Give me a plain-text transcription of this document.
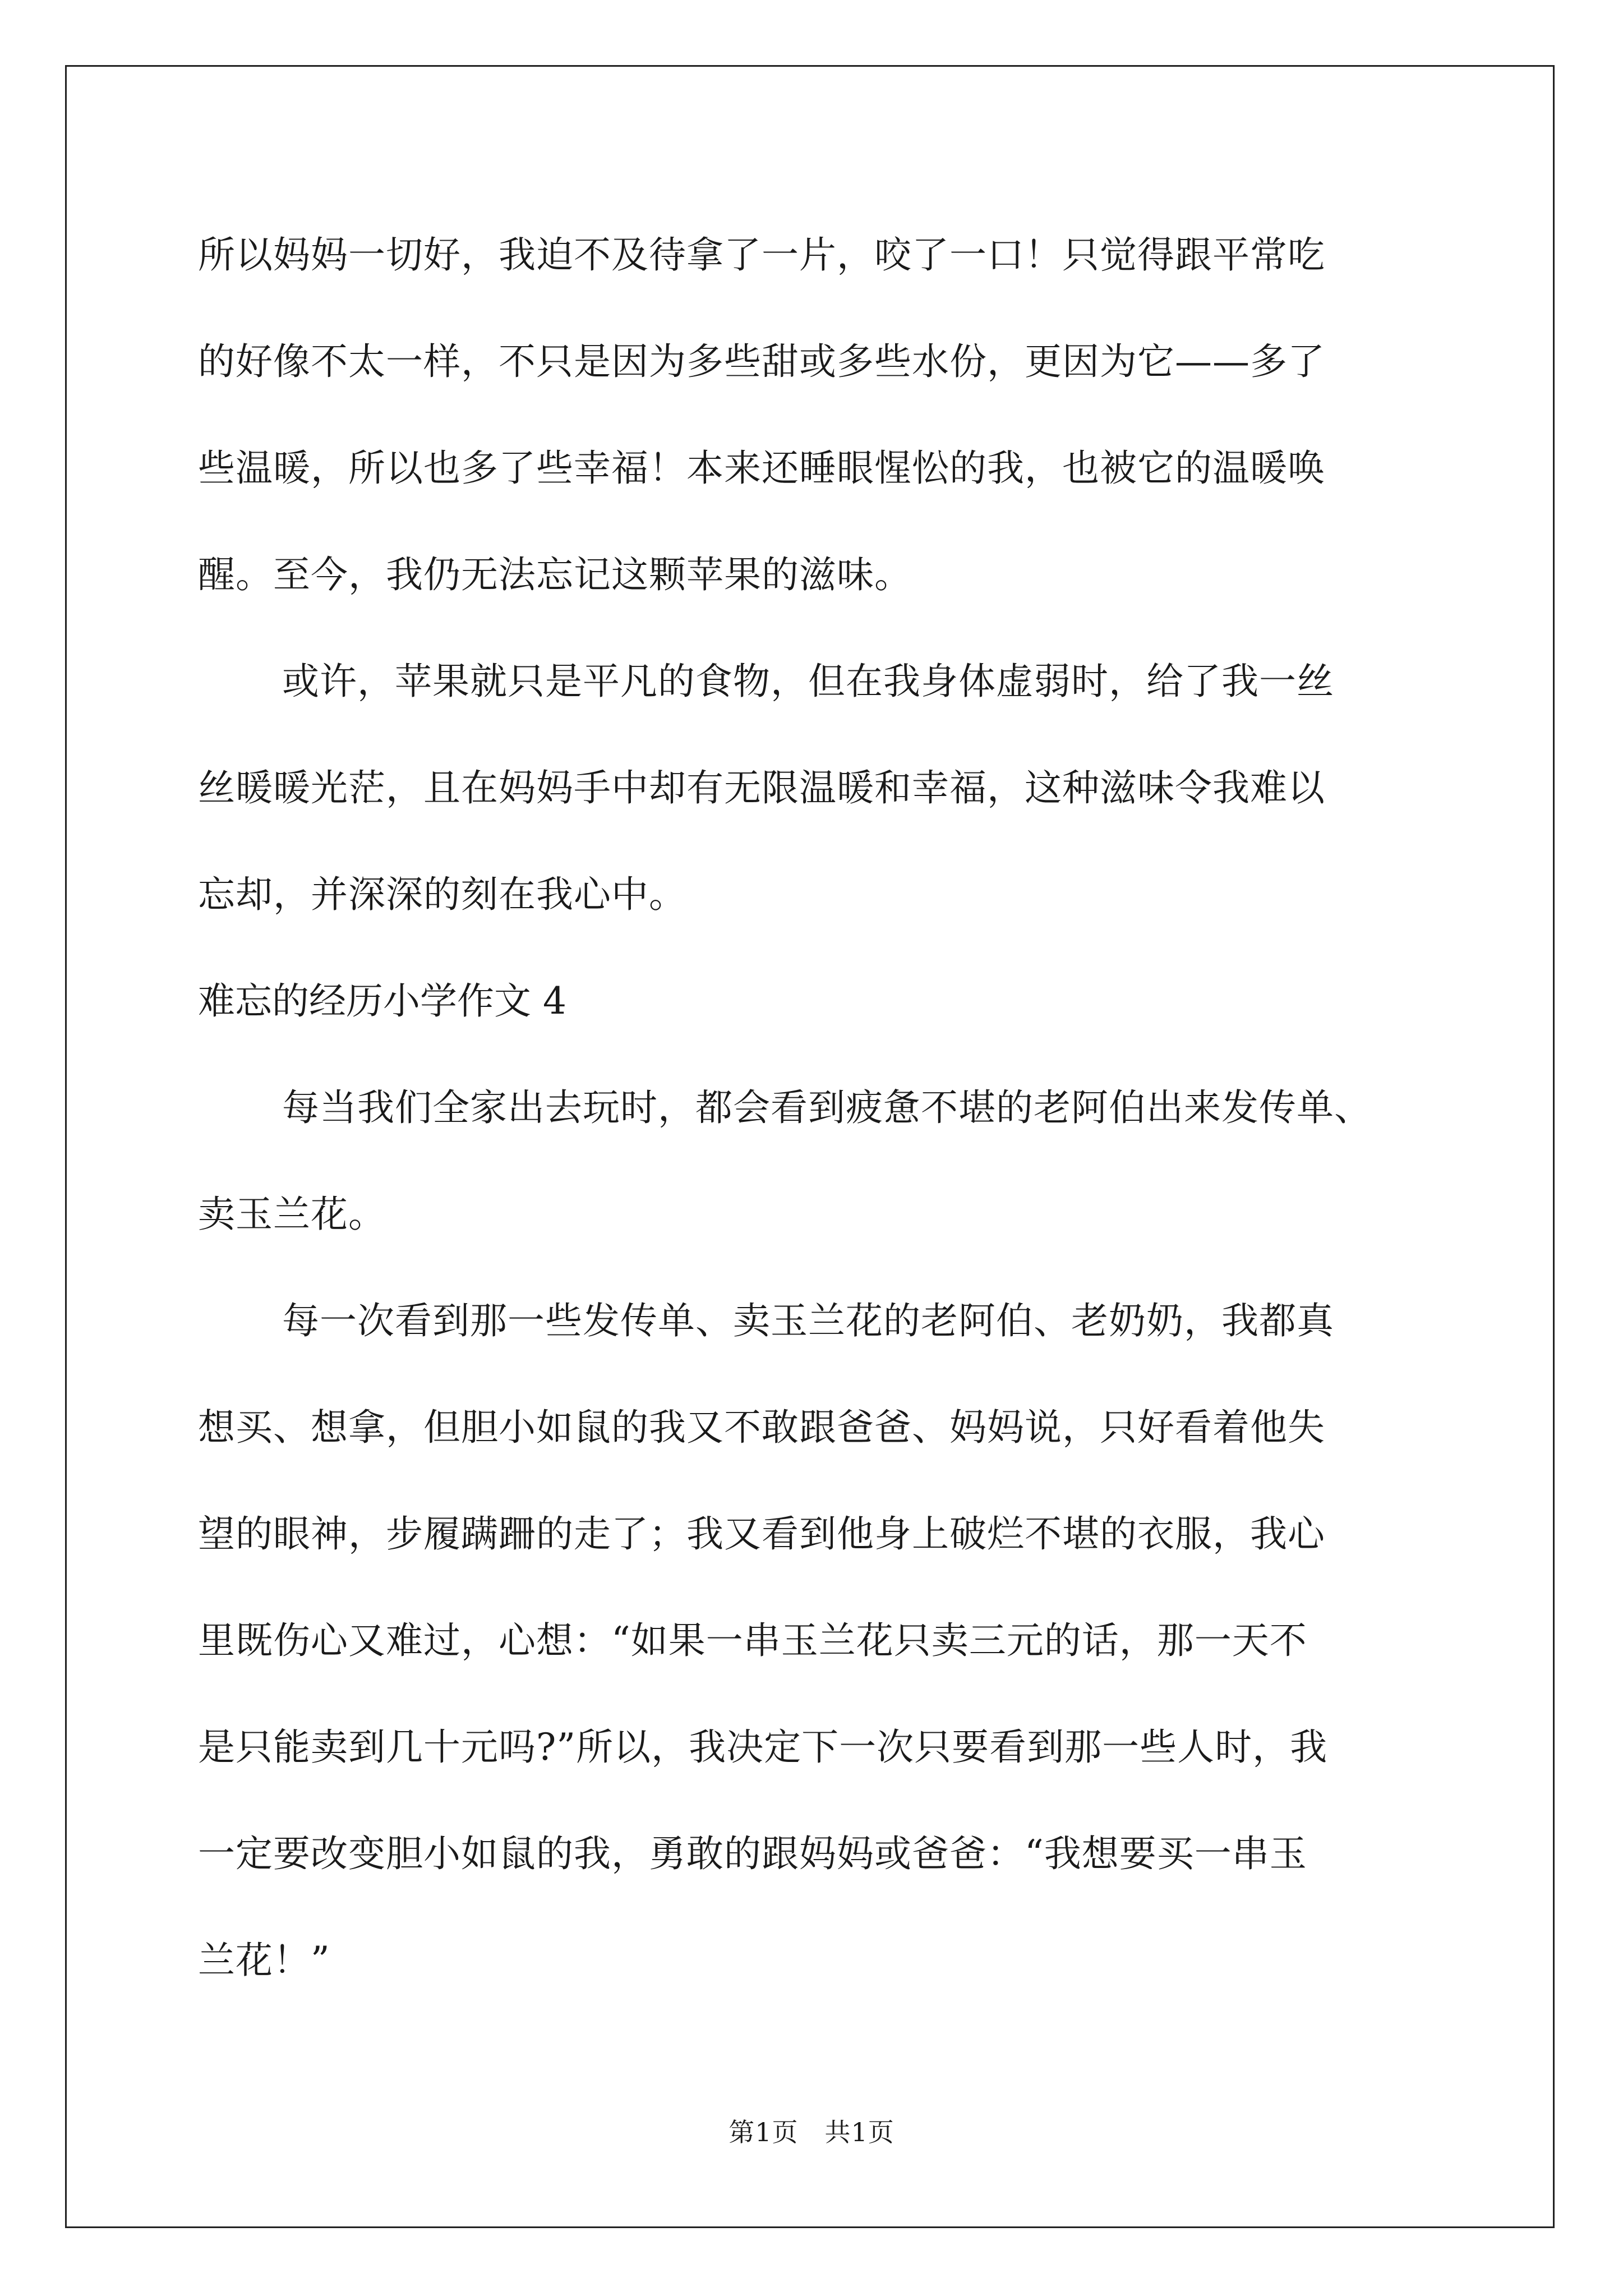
所以妈妈一切好，我迫不及待拿了一片，咬了一口！只觉得跟平常吃
的好像不太一样，不只是因为多些甜或多些水份，更因为它——多了
些温暖，所以也多了些幸福！本来还睡眼惺忪的我，也被它的温暖唤
醒。至今，我仍无法忘记这颗苹果的滋味。
或许，苹果就只是平凡的食物，但在我身体虚弱时，给了我一丝
丝暖暖光茫，且在妈妈手中却有无限温暖和幸福，这种滋味令我难以
忘却，并深深的刻在我心中。
难忘的经历小学作文 4
每当我们全家出去玩时，都会看到疲惫不堪的老阿伯出来发传单、
卖玉兰花。
每一次看到那一些发传单、卖玉兰花的老阿伯、老奶奶，我都真
想买、想拿，但胆小如鼠的我又不敢跟爸爸、妈妈说，只好看着他失
望的眼神，步履蹒跚的走了；我又看到他身上破烂不堪的衣服，我心
里既伤心又难过，心想：“如果一串玉兰花只卖三元的话，那一天不
是只能卖到几十元吗?”所以，我决定下一次只要看到那一些人时，我
一定要改变胆小如鼠的我，勇敢的跟妈妈或爸爸：“我想要买一串玉
兰花！”
第1页　共1页
